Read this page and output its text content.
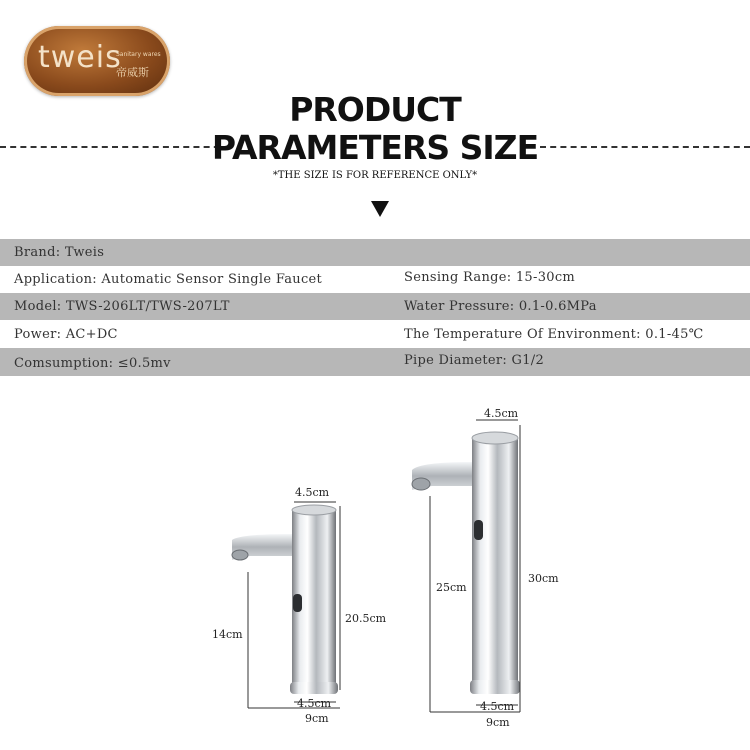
tweis
Sanitary wares
帝威斯
PRODUCT
PARAMETERS SIZE
*THE SIZE IS FOR REFERENCE ONLY*
Brand: Tweis
Application: Automatic Sensor Single Faucet	Sensing Range: 15-30cm
Model: TWS-206LT/TWS-207LT	Water Pressure: 0.1-0.6MPa
Power: AC+DC	The Temperature Of Environment: 0.1-45℃
Comsumption: ≤0.5mv	Pipe Diameter: G1/2
4.5cm
20.5cm
14cm
4.5cm
9cm
4.5cm
30cm
25cm
4.5cm
9cm
